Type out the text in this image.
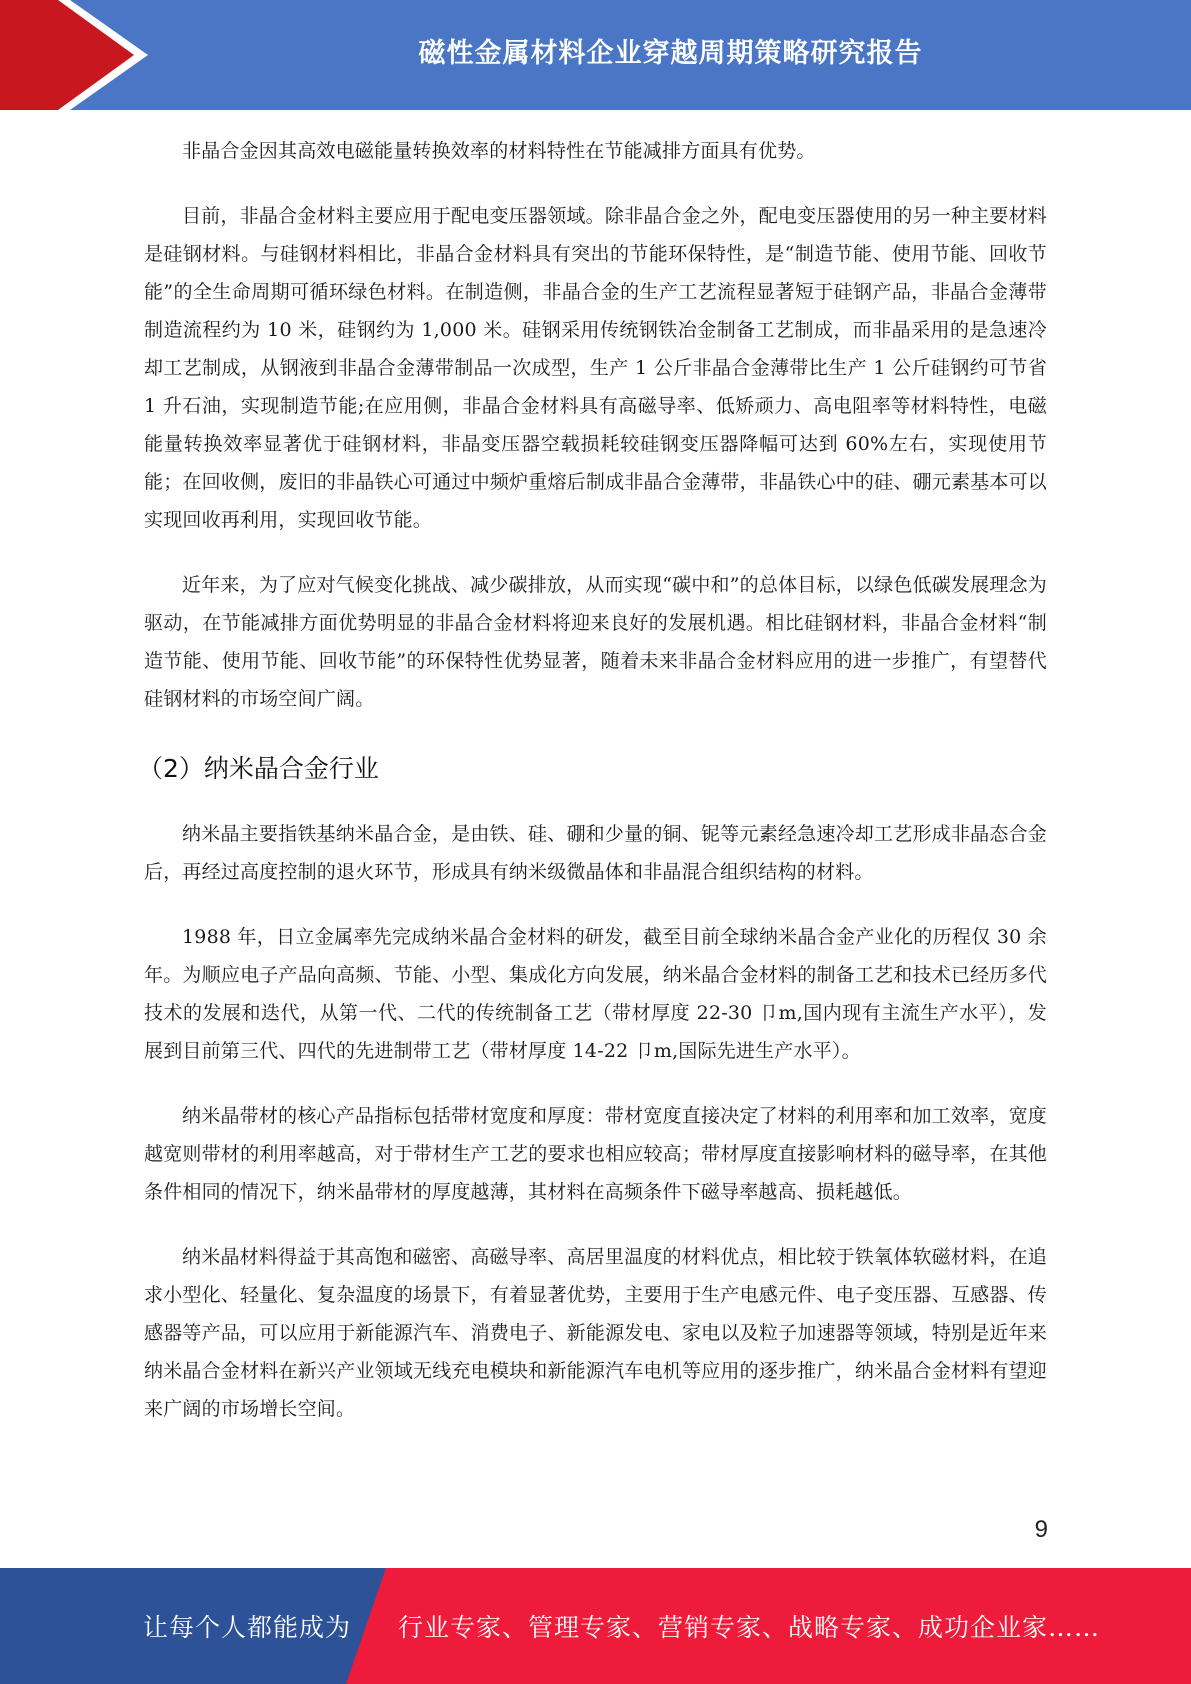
磁性金属材料企业穿越周期策略研究报告

非晶合金因其高效电磁能量转换效率的材料特性在节能减排方面具有优势。

目前，非晶合金材料主要应用于配电变压器领域。除非晶合金之外，配电变压器使用的另一种主要材料是硅钢材料。与硅钢材料相比，非晶合金材料具有突出的节能环保特性，是“制造节能、使用节能、回收节能”的全生命周期可循环绿色材料。在制造侧，非晶合金的生产工艺流程显著短于硅钢产品，非晶合金薄带制造流程约为 10 米，硅钢约为 1,000 米。硅钢采用传统钢铁冶金制备工艺制成，而非晶采用的是急速冷却工艺制成，从钢液到非晶合金薄带制品一次成型，生产 1 公斤非晶合金薄带比生产 1 公斤硅钢约可节省 1 升石油，实现制造节能;在应用侧，非晶合金材料具有高磁导率、低矫顽力、高电阻率等材料特性，电磁能量转换效率显著优于硅钢材料，非晶变压器空载损耗较硅钢变压器降幅可达到 60%左右，实现使用节能；在回收侧，废旧的非晶铁心可通过中频炉重熔后制成非晶合金薄带，非晶铁心中的硅、硼元素基本可以实现回收再利用，实现回收节能。

近年来，为了应对气候变化挑战、减少碳排放，从而实现“碳中和”的总体目标，以绿色低碳发展理念为驱动，在节能减排方面优势明显的非晶合金材料将迎来良好的发展机遇。相比硅钢材料，非晶合金材料“制造节能、使用节能、回收节能”的环保特性优势显著，随着未来非晶合金材料应用的进一步推广，有望替代硅钢材料的市场空间广阔。

（2）纳米晶合金行业

纳米晶主要指铁基纳米晶合金，是由铁、硅、硼和少量的铜、铌等元素经急速冷却工艺形成非晶态合金后，再经过高度控制的退火环节，形成具有纳米级微晶体和非晶混合组织结构的材料。

1988 年，日立金属率先完成纳米晶合金材料的研发，截至目前全球纳米晶合金产业化的历程仅 30 余年。为顺应电子产品向高频、节能、小型、集成化方向发展，纳米晶合金材料的制备工艺和技术已经历多代技术的发展和迭代，从第一代、二代的传统制备工艺（带材厚度 22-30 卩m,国内现有主流生产水平），发展到目前第三代、四代的先进制带工艺（带材厚度 14-22 卩m,国际先进生产水平）。

纳米晶带材的核心产品指标包括带材宽度和厚度：带材宽度直接决定了材料的利用率和加工效率，宽度越宽则带材的利用率越高，对于带材生产工艺的要求也相应较高；带材厚度直接影响材料的磁导率，在其他条件相同的情况下，纳米晶带材的厚度越薄，其材料在高频条件下磁导率越高、损耗越低。

纳米晶材料得益于其高饱和磁密、高磁导率、高居里温度的材料优点，相比较于铁氧体软磁材料，在追求小型化、轻量化、复杂温度的场景下，有着显著优势，主要用于生产电感元件、电子变压器、互感器、传感器等产品，可以应用于新能源汽车、消费电子、新能源发电、家电以及粒子加速器等领域，特别是近年来纳米晶合金材料在新兴产业领域无线充电模块和新能源汽车电机等应用的逐步推广，纳米晶合金材料有望迎来广阔的市场增长空间。

9
让每个人都能成为 行业专家、管理专家、营销专家、战略专家、成功企业家……
